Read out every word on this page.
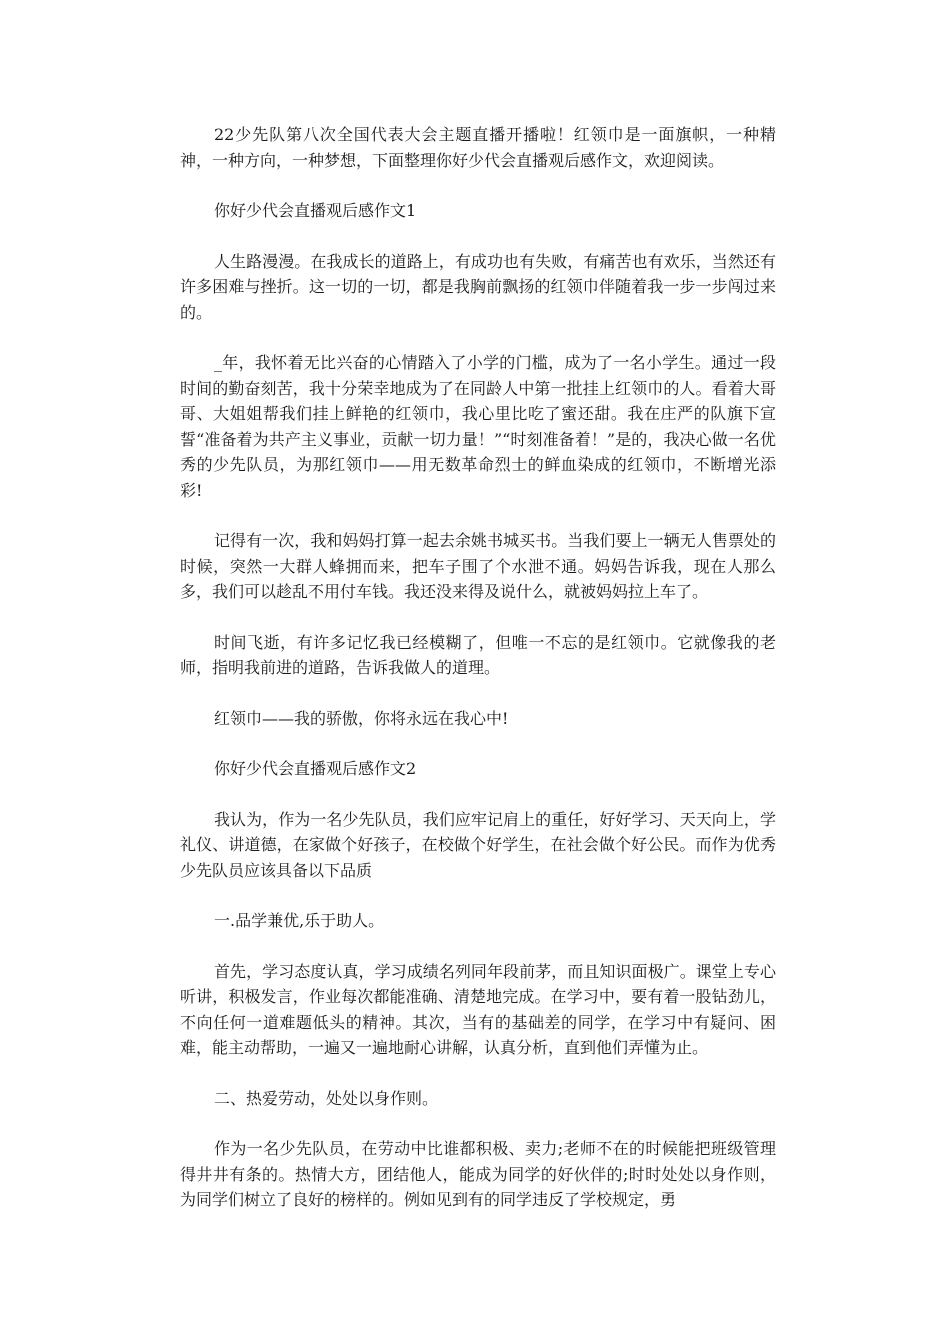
22少先队第八次全国代表大会主题直播开播啦！红领巾是一面旗帜，一种精神，一种方向，一种梦想，下面整理你好少代会直播观后感作文，欢迎阅读。

你好少代会直播观后感作文1

人生路漫漫。在我成长的道路上，有成功也有失败，有痛苦也有欢乐，当然还有许多困难与挫折。这一切的一切，都是我胸前飘扬的红领巾伴随着我一步一步闯过来的。

_年，我怀着无比兴奋的心情踏入了小学的门槛，成为了一名小学生。通过一段时间的勤奋刻苦，我十分荣幸地成为了在同龄人中第一批挂上红领巾的人。看着大哥哥、大姐姐帮我们挂上鲜艳的红领巾，我心里比吃了蜜还甜。我在庄严的队旗下宣誓“准备着为共产主义事业，贡献一切力量！”“时刻准备着！”是的，我决心做一名优秀的少先队员，为那红领巾——用无数革命烈士的鲜血染成的红领巾，不断增光添彩!

记得有一次，我和妈妈打算一起去余姚书城买书。当我们要上一辆无人售票处的时候，突然一大群人蜂拥而来，把车子围了个水泄不通。妈妈告诉我，现在人那么多，我们可以趁乱不用付车钱。我还没来得及说什么，就被妈妈拉上车了。

时间飞逝，有许多记忆我已经模糊了，但唯一不忘的是红领巾。它就像我的老师，指明我前进的道路，告诉我做人的道理。

红领巾——我的骄傲，你将永远在我心中!

你好少代会直播观后感作文2

我认为，作为一名少先队员，我们应牢记肩上的重任，好好学习、天天向上，学礼仪、讲道德，在家做个好孩子，在校做个好学生，在社会做个好公民。而作为优秀少先队员应该具备以下品质

一.品学兼优,乐于助人。

首先，学习态度认真，学习成绩名列同年段前茅，而且知识面极广。课堂上专心听讲，积极发言，作业每次都能准确、清楚地完成。在学习中，要有着一股钻劲儿，不向任何一道难题低头的精神。其次，当有的基础差的同学，在学习中有疑问、困难，能主动帮助，一遍又一遍地耐心讲解，认真分析，直到他们弄懂为止。

二、热爱劳动，处处以身作则。

作为一名少先队员，在劳动中比谁都积极、卖力;老师不在的时候能把班级管理得井井有条的。热情大方，团结他人，能成为同学的好伙伴的;时时处处以身作则，为同学们树立了良好的榜样的。例如见到有的同学违反了学校规定，勇
